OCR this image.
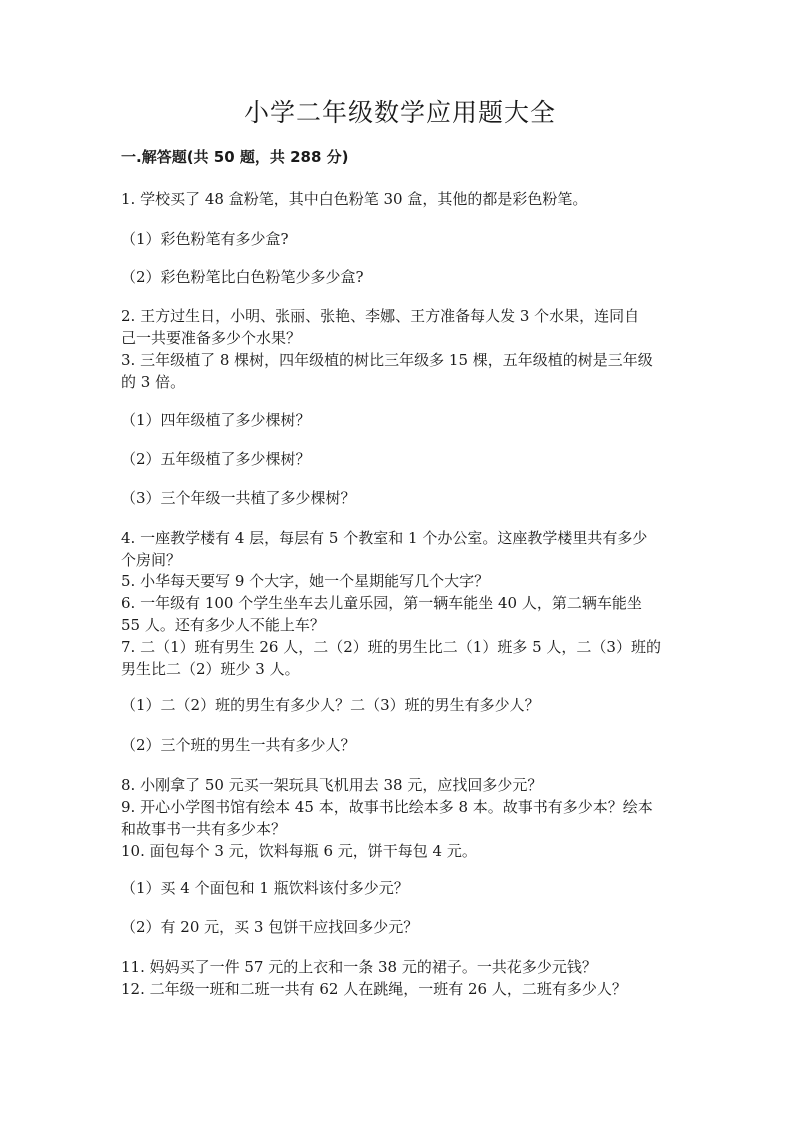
小学二年级数学应用题大全
一.解答题(共 50 题，共 288 分)
1. 学校买了 48 盒粉笔，其中白色粉笔 30 盒，其他的都是彩色粉笔。
（1）彩色粉笔有多少盒?
（2）彩色粉笔比白色粉笔少多少盒?
2. 王方过生日，小明、张丽、张艳、李娜、王方准备每人发 3 个水果，连同自
己一共要准备多少个水果？
3. 三年级植了 8 棵树，四年级植的树比三年级多 15 棵，五年级植的树是三年级
的 3 倍。
（1）四年级植了多少棵树？
（2）五年级植了多少棵树？
（3）三个年级一共植了多少棵树？
4. 一座教学楼有 4 层，每层有 5 个教室和 1 个办公室。这座教学楼里共有多少
个房间？
5. 小华每天要写 9 个大字，她一个星期能写几个大字？
6. 一年级有 100 个学生坐车去儿童乐园，第一辆车能坐 40 人，第二辆车能坐
55 人。还有多少人不能上车？
7. 二（1）班有男生 26 人，二（2）班的男生比二（1）班多 5 人，二（3）班的
男生比二（2）班少 3 人。
（1）二（2）班的男生有多少人？二（3）班的男生有多少人？
（2）三个班的男生一共有多少人？
8. 小刚拿了 50 元买一架玩具飞机用去 38 元，应找回多少元？
9. 开心小学图书馆有绘本 45 本，故事书比绘本多 8 本。故事书有多少本？绘本
和故事书一共有多少本？
10. 面包每个 3 元，饮料每瓶 6 元，饼干每包 4 元。
（1）买 4 个面包和 1 瓶饮料该付多少元？
（2）有 20 元，买 3 包饼干应找回多少元？
11. 妈妈买了一件 57 元的上衣和一条 38 元的裙子。一共花多少元钱？
12. 二年级一班和二班一共有 62 人在跳绳，一班有 26 人，二班有多少人？
